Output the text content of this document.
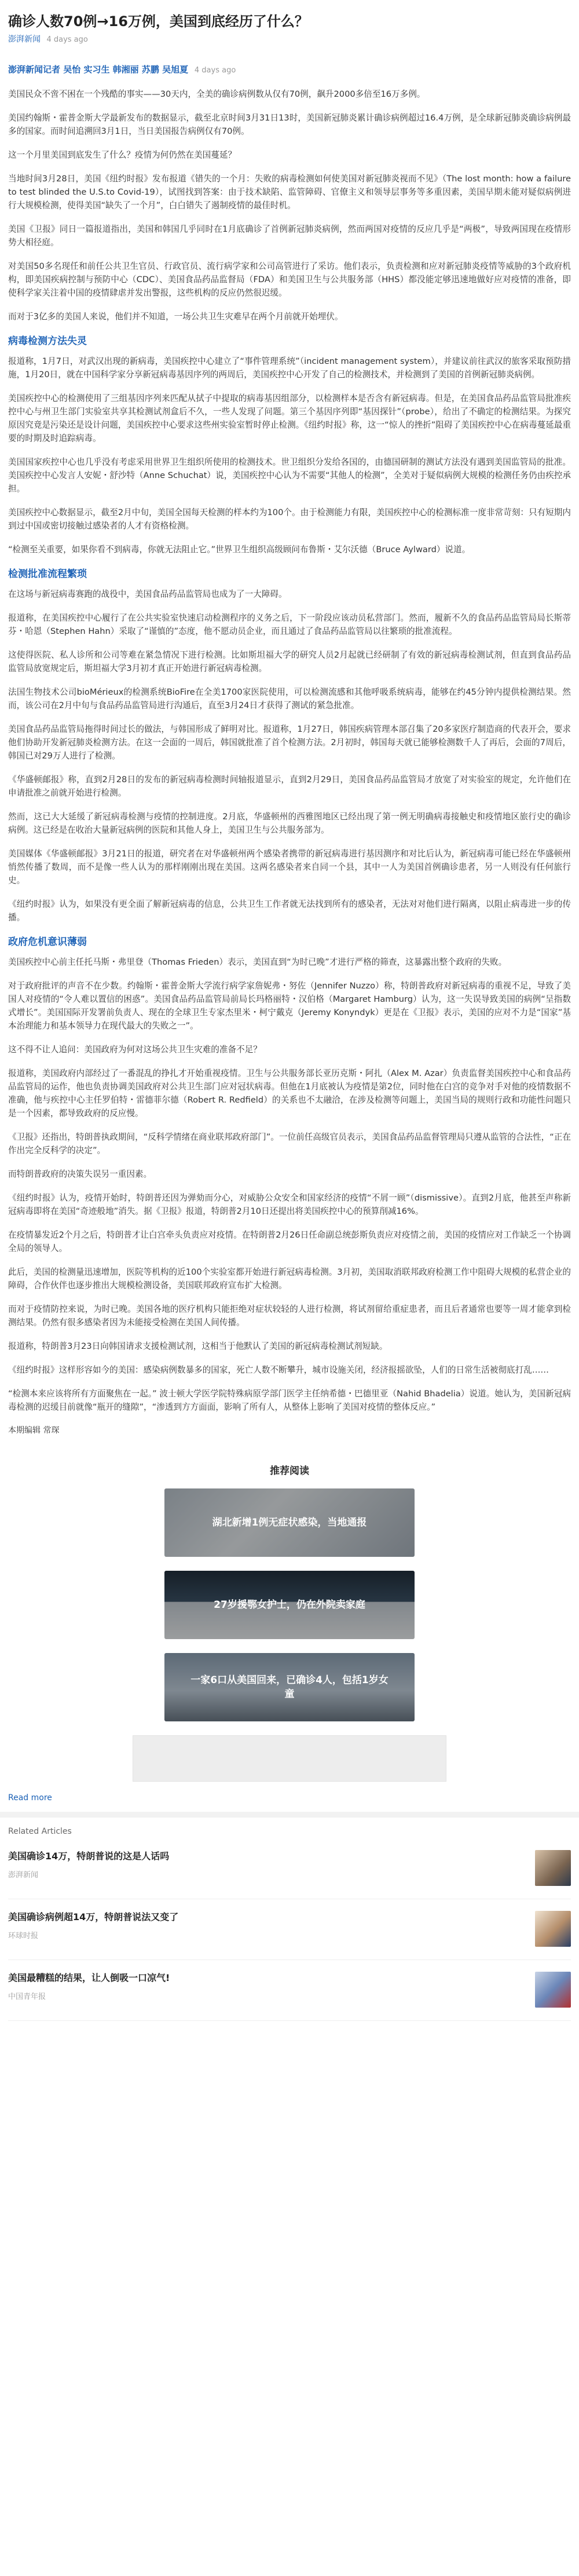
确诊人数70例→16万例，美国到底经历了什么？
澎湃新闻 4 days ago
澎湃新闻记者 吴怡 实习生 韩湘丽 苏鹏 吴旭夏 4 days ago

美国民众不啻不困在一个残酷的事实——30天内，全美的确诊病例数从仅有70例，飙升2000多倍至16万多例。

美国约翰斯・霍普金斯大学最新发布的数据显示，截至北京时间3月31日13时，美国新冠肺炎累计确诊病例超过16.4万例，是全球新冠肺炎确诊病例最多的国家。而时间追溯回3月1日，当日美国报告病例仅有70例。

这一个月里美国到底发生了什么？疫情为何仍然在美国蔓延？

当地时间3月28日，美国《纽约时报》发布报道《错失的一个月：失败的病毒检测如何使美国对新冠肺炎视而不见》（The lost month: how a failure to test blinded the U.S.to Covid-19），试图找到答案：由于技术缺陷、监管障碍、官僚主义和领导层事务等多重因素，美国早期未能对疑似病例进行大规模检测，使得美国“缺失了一个月”，白白错失了遏制疫情的最佳时机。

美国《卫报》同日一篇报道指出，美国和韩国几乎同时在1月底确诊了首例新冠肺炎病例，然而两国对疫情的反应几乎是“两极”，导致两国现在疫情形势大相径庭。

对美国50多名现任和前任公共卫生官员、行政官员、流行病学家和公司高管进行了采访。他们表示，负责检测和应对新冠肺炎疫情等威胁的3个政府机构，即美国疾病控制与预防中心（CDC）、美国食品药品监督局（FDA）和美国卫生与公共服务部（HHS）都没能定够迅速地做好应对疫情的准备，即使科学家关注着中国的疫情肆虐并发出警报，这些机构的反应仍然很迟缓。

而对于3亿多的美国人来说，他们并不知道，一场公共卫生灾难早在两个月前就开始埋伏。

病毒检测方法失灵

报道称，1月7日，对武汉出现的新病毒，美国疾控中心建立了“事件管理系统”（incident management system），并建议前往武汉的旅客采取预防措施，1月20日，就在中国科学家分享新冠病毒基因序列的两周后，美国疾控中心开发了自己的检测技术，并检测到了美国的首例新冠肺炎病例。

美国疾控中心的检测使用了三组基因序列来匹配从拭子中提取的病毒基因组部分，以检测样本是否含有新冠病毒。但是，在美国食品药品监管局批准疾控中心与州卫生部门实验室共享其检测试剂盒后不久，一些人发现了问题。第三个基因序列即“基因探针”（probe），给出了不确定的检测结果。为探究原因究竟是污染还是设计问题，美国疾控中心要求这些州实验室暂时停止检测。《纽约时报》称，这一“惊人的挫折”阻碍了美国疾控中心在病毒蔓延最重要的时期及时追踪病毒。

美国国家疾控中心也几乎没有考虑采用世界卫生组织所使用的检测技术。世卫组织分发给各国的，由德国研制的测试方法没有遇到美国监管局的批准。美国疾控中心发言人安妮・舒沙特（Anne Schuchat）说，美国疾控中心认为不需要“其他人的检测”，全美对于疑似病例大规模的检测任务仍由疾控承担。

美国疾控中心数据显示，截至2月中旬，美国全国每天检测的样本约为100个。由于检测能力有限，美国疾控中心的检测标准一度非常苛刻：只有短期内到过中国或密切接触过感染者的人才有资格检测。

“检测至关重要，如果你看不到病毒，你就无法阻止它。”世界卫生组织高级顾问布鲁斯・艾尔沃德（Bruce Aylward）说道。

检测批准流程繁琐

在这场与新冠病毒赛跑的战役中，美国食品药品监管局也成为了一大障碍。

报道称，在美国疾控中心履行了在公共实验室快速启动检测程序的义务之后，下一阶段应该动员私营部门。然而，履新不久的食品药品监管局局长斯蒂芬・哈恩（Stephen Hahn）采取了“谨慎的”态度，他不愿动员企业，而且通过了食品药品监管局以往繁琐的批准流程。

这使得医院、私人诊所和公司等难在紧急情况下进行检测。比如斯坦福大学的研究人员2月起就已经研制了有效的新冠病毒检测试剂，但直到食品药品监管局放宽规定后，斯坦福大学3月初才真正开始进行新冠病毒检测。

法国生物技术公司bioMérieux的检测系统BioFire在全美1700家医院使用，可以检测流感和其他呼吸系统病毒，能够在约45分钟内提供检测结果。然而，该公司在2月中旬与食品药品监管局进行沟通后，直至3月24日才获得了测试的紧急批准。

美国食品药品监管局拖得时间过长的做法，与韩国形成了鲜明对比。报道称，1月27日，韩国疾病管理本部召集了20多家医疗制造商的代表开会，要求他们协助开发新冠肺炎检测方法。在这一会面的一周后，韩国就批准了首个检测方法。2月初时，韩国每天就已能够检测数千人了再后，会面的7周后，韩国已对29万人进行了检测。

《华盛顿邮报》称，直到2月28日的发布的新冠病毒检测时间轴报道显示，直到2月29日，美国食品药品监管局才放宽了对实验室的规定，允许他们在申请批准之前就开始进行检测。

然而，这已大大延缓了新冠病毒检测与疫情的控制进度。2月底，华盛顿州的西雅图地区已经出现了第一例无明确病毒接触史和疫情地区旅行史的确诊病例。这已经是在收治大量新冠病例的医院和其他人身上，美国卫生与公共服务部为。

美国媒体《华盛顿邮报》3月21日的报道，研究者在对华盛顿州两个感染者携带的新冠病毒进行基因测序和对比后认为，新冠病毒可能已经在华盛顿州悄然传播了数周，而不是像一些人认为的那样刚刚出现在美国。这两名感染者来自同一个县，其中一人为美国首例确诊患者，另一人则没有任何旅行史。

《纽约时报》认为，如果没有更全面了解新冠病毒的信息，公共卫生工作者就无法找到所有的感染者，无法对对他们进行隔离，以阻止病毒进一步的传播。

政府危机意识薄弱

美国疾控中心前主任托马斯・弗里登（Thomas Frieden）表示，美国直到“为时已晚”才进行严格的筛查，这暴露出整个政府的失败。

对于政府批评的声音不在少数。约翰斯・霍普金斯大学流行病学家詹妮弗・努佐（Jennifer Nuzzo）称，特朗普政府对新冠病毒的重视不足，导致了美国人对疫情的“令人难以置信的困惑”。美国食品药品监管局前局长玛格丽特・汉伯格（Margaret Hamburg）认为，这一失误导致美国的病例“呈指数式增长”。美国国际开发署前负责人、现在的全球卫生专家杰里米・柯宁戴克（Jeremy Konyndyk）更是在《卫报》表示，美国的应对不力是“国家”基本治理能力和基本领导力在现代最大的失败之一”。

这不得不让人追问：美国政府为何对这场公共卫生灾难的准备不足？

报道称，美国政府内部经过了一番混乱的挣扎才开始重视疫情。卫生与公共服务部长亚历克斯・阿扎（Alex M. Azar）负责监督美国疾控中心和食品药品监管局的运作，他也负责协调美国政府对公共卫生部门应对冠状病毒。但他在1月底被认为疫情是第2位，同时他在白宫的竞争对手对他的疫情数据不准确，他与疾控中心主任罗伯特・雷德菲尔德（Robert R. Redfield）的关系也不太融洽，在涉及检测等问题上，美国当局的规则行政和功能性问题只是一个因素，都导致政府的反应慢。

《卫报》还指出，特朗普执政期间，“反科学情绪在商业联邦政府部门”。一位前任高级官员表示，美国食品药品监督管理局只遵从监管的合法性，“正在作出完全反科学的决定”。

而特朗普政府的决策失误另一重因素。

《纽约时报》认为，疫情开始时，特朗普还因为弹劾而分心，对威胁公众安全和国家经济的疫情“不屑一顾”（dismissive）。直到2月底，他甚至声称新冠病毒即将在美国“奇迹般地”消失。据《卫报》报道，特朗普2月10日还提出将美国疾控中心的预算削减16%。

在疫情暴发近2个月之后，特朗普才让白宫牵头负责应对疫情。在特朗普2月26日任命副总统彭斯负责应对疫情之前，美国的疫情应对工作缺乏一个协调全局的领导人。

此后，美国的检测量迅速增加，医院等机构的近100个实验室都开始进行新冠病毒检测。3月初，美国取消联邦政府检测工作中阻碍大规模的私营企业的障碍，合作伙伴也逐步推出大规模检测设备，美国联邦政府宣布扩大检测。

而对于疫情防控来说，为时已晚。美国各地的医疗机构只能拒绝对症状较轻的人进行检测，将试剂留给重症患者，而且后者通常也要等一周才能拿到检测结果。仍然有很多感染者因为未能接受检测在美国人间传播。

报道称，特朗普3月23日向韩国请求支援检测试剂，这相当于他默认了美国的新冠病毒检测试剂短缺。

《纽约时报》这样形容如今的美国：感染病例数暴多的国家，死亡人数不断攀升，城市设施关闭，经济报摇欲坠，人们的日常生活被彻底打乱……

“检测本来应该将所有方面聚焦在一起。” 波士顿大学医学院特殊病原学部门医学主任纳希德・巴德里亚（Nahid Bhadelia）说道。她认为，美国新冠病毒检测的迟缓目前就像“瓶开的缝隙”，“渗透到方方面面，影响了所有人，从整体上影响了美国对疫情的整体反应。”

本期编辑 常琛
推荐阅读
湖北新增1例无症状感染，当地通报
27岁援鄂女护士，仍在外院卖家庭
一家6口从美国回来，已确诊4人，包括1岁女童
Read more
Related Articles
美国确诊14万，特朗普说的这是人话吗
澎湃新闻
美国确诊病例超14万，特朗普说法又变了
环球时报
美国最糟糕的结果，让人倒吸一口凉气!
中国青年报
